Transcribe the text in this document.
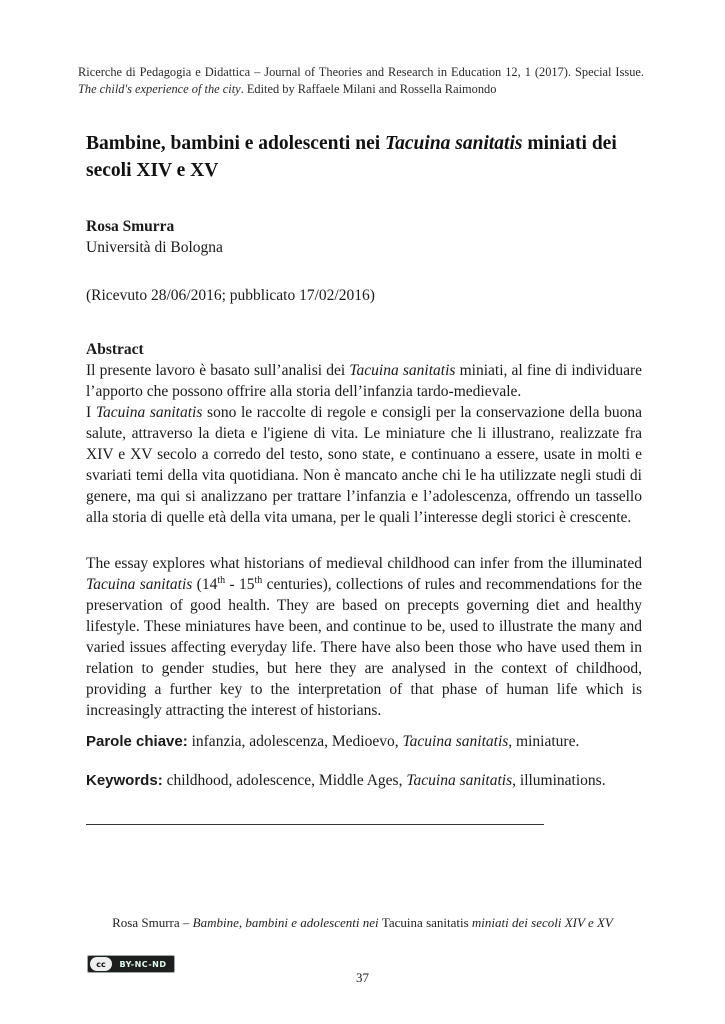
Ricerche di Pedagogia e Didattica – Journal of Theories and Research in Education 12, 1 (2017). Special Issue. The child's experience of the city. Edited by Raffaele Milani and Rossella Raimondo
Bambine, bambini e adolescenti nei Tacuina sanitatis miniati dei secoli XIV e XV
Rosa Smurra
Università di Bologna
(Ricevuto 28/06/2016; pubblicato 17/02/2016)
Abstract

Il presente lavoro è basato sull’analisi dei Tacuina sanitatis miniati, al fine di individuare l’apporto che possono offrire alla storia dell’infanzia tardo-medievale.

I Tacuina sanitatis sono le raccolte di regole e consigli per la conservazione della buona salute, attraverso la dieta e l'igiene di vita. Le miniature che li illustrano, realizzate fra XIV e XV secolo a corredo del testo, sono state, e continuano a essere, usate in molti e svariati temi della vita quotidiana. Non è mancato anche chi le ha utilizzate negli studi di genere, ma qui si analizzano per trattare l’infanzia e l’adolescenza, offrendo un tassello alla storia di quelle età della vita umana, per le quali l’interesse degli storici è crescente.

The essay explores what historians of medieval childhood can infer from the illuminated Tacuina sanitatis (14th - 15th centuries), collections of rules and recommendations for the preservation of good health. They are based on precepts governing diet and healthy lifestyle. These miniatures have been, and continue to be, used to illustrate the many and varied issues affecting everyday life. There have also been those who have used them in relation to gender studies, but here they are analysed in the context of childhood, providing a further key to the interpretation of that phase of human life which is increasingly attracting the interest of historians.

Parole chiave: infanzia, adolescenza, Medioevo, Tacuina sanitatis, miniature.
Keywords: childhood, adolescence, Middle Ages, Tacuina sanitatis, illuminations.
Rosa Smurra – Bambine, bambini e adolescenti nei Tacuina sanitatis miniati dei secoli XIV e XV
cc	BY-NC-ND
37
